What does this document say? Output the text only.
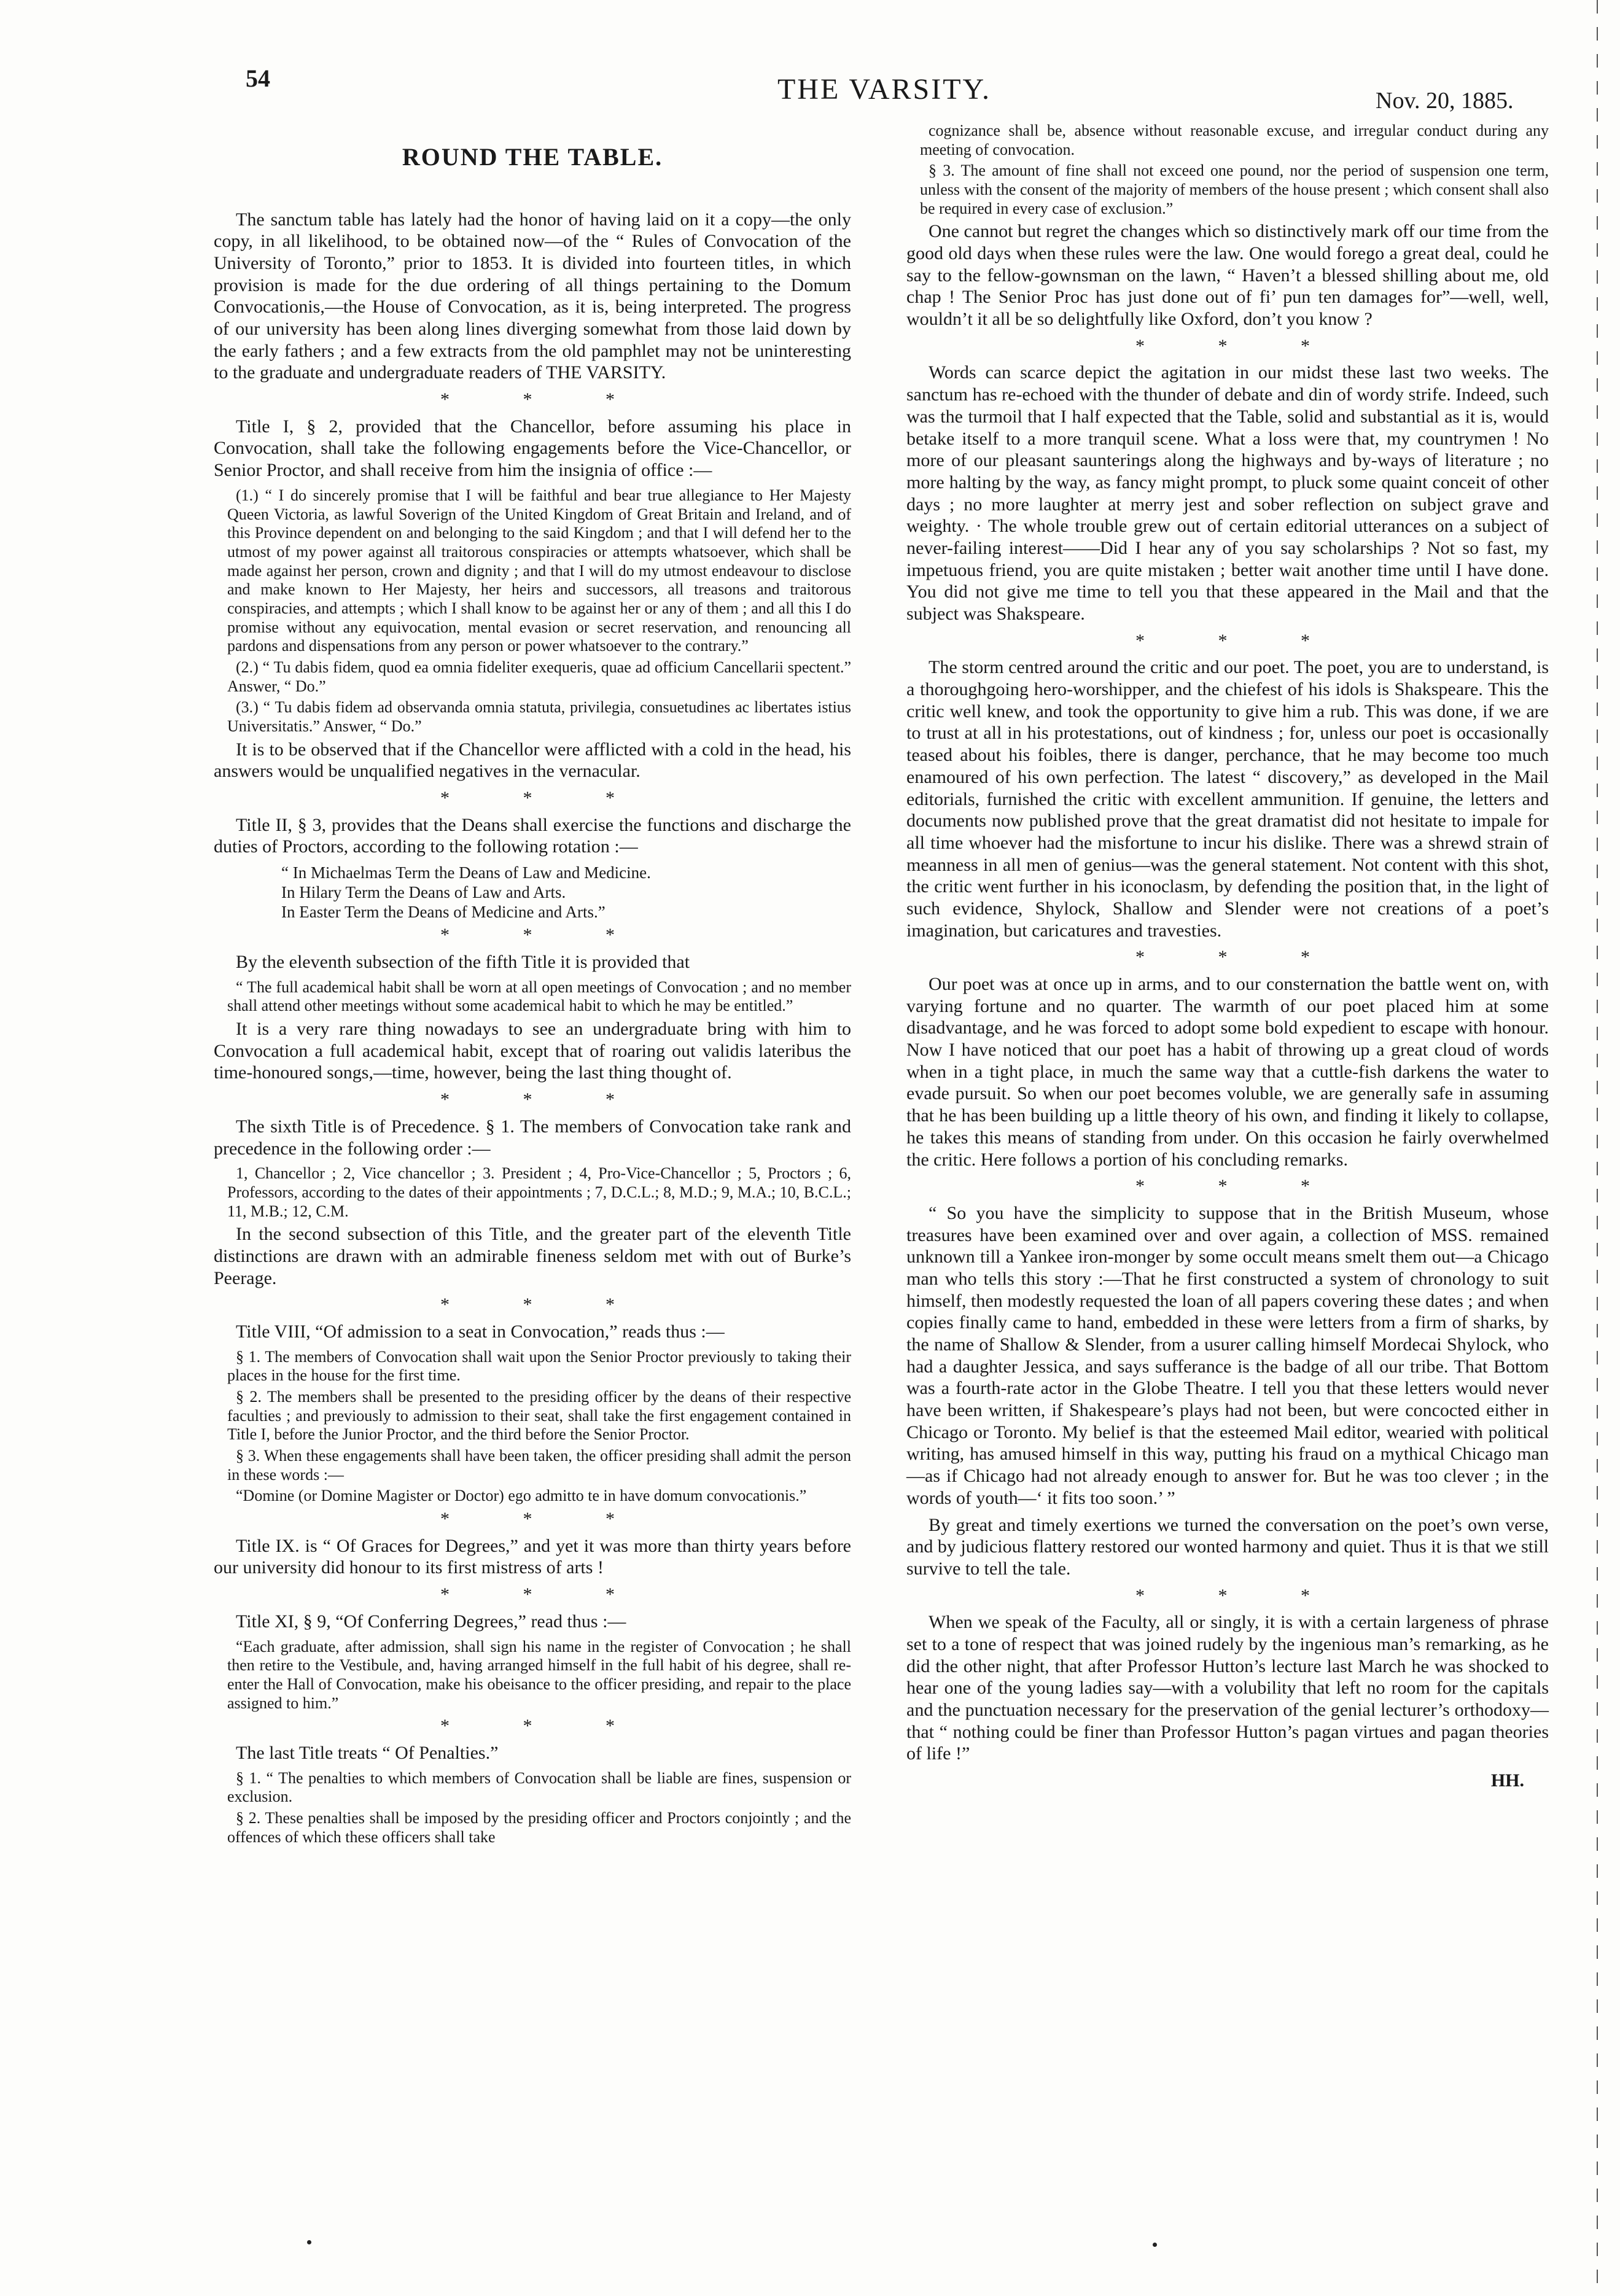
54	THE VARSITY.	Nov. 20, 1885.
ROUND THE TABLE.

The sanctum table has lately had the honor of having laid on it a copy—the only copy, in all likelihood, to be obtained now—of the “ Rules of Convocation of the University of Toronto,” prior to 1853. It is divided into fourteen titles, in which provision is made for the due ordering of all things pertaining to the Domum Convocationis,—the House of Convocation, as it is, being interpreted. The progress of our university has been along lines diverging somewhat from those laid down by the early fathers ; and a few extracts from the old pamphlet may not be uninteresting to the graduate and undergraduate readers of THE VARSITY.

* * *

Title I, § 2, provided that the Chancellor, before assuming his place in Convocation, shall take the following engagements before the Vice-Chancellor, or Senior Proctor, and shall receive from him the insignia of office :—

(1.) “ I do sincerely promise that I will be faithful and bear true allegiance to Her Majesty Queen Victoria, as lawful Soverign of the United Kingdom of Great Britain and Ireland, and of this Province dependent on and belonging to the said Kingdom ; and that I will defend her to the utmost of my power against all traitorous conspiracies or attempts whatsoever, which shall be made against her person, crown and dignity ; and that I will do my utmost endeavour to disclose and make known to Her Majesty, her heirs and successors, all treasons and traitorous conspiracies, and attempts ; which I shall know to be against her or any of them ; and all this I do promise without any equivocation, mental evasion or secret reservation, and renouncing all pardons and dispensations from any person or power whatsoever to the contrary.”

(2.) “ Tu dabis fidem, quod ea omnia fideliter exequeris, quae ad officium Cancellarii spectent.” Answer, “ Do.”

(3.) “ Tu dabis fidem ad observanda omnia statuta, privilegia, consuetudines ac libertates istius Universitatis.” Answer, “ Do.”

It is to be observed that if the Chancellor were afflicted with a cold in the head, his answers would be unqualified negatives in the vernacular.

* * *

Title II, § 3, provides that the Deans shall exercise the functions and discharge the duties of Proctors, according to the following rotation :—

“ In Michaelmas Term the Deans of Law and Medicine.

In Hilary Term the Deans of Law and Arts.

In Easter Term the Deans of Medicine and Arts.”

* * *

By the eleventh subsection of the fifth Title it is provided that

“ The full academical habit shall be worn at all open meetings of Convocation ; and no member shall attend other meetings without some academical habit to which he may be entitled.”

It is a very rare thing nowadays to see an undergraduate bring with him to Convocation a full academical habit, except that of roaring out validis lateribus the time-honoured songs,—time, however, being the last thing thought of.

* * *

The sixth Title is of Precedence. § 1. The members of Convocation take rank and precedence in the following order :—

1, Chancellor ; 2, Vice chancellor ; 3. President ; 4, Pro-Vice-Chancellor ; 5, Proctors ; 6, Professors, according to the dates of their appointments ; 7, D.C.L.; 8, M.D.; 9, M.A.; 10, B.C.L.; 11, M.B.; 12, C.M.

In the second subsection of this Title, and the greater part of the eleventh Title distinctions are drawn with an admirable fineness seldom met with out of Burke’s Peerage.

* * *

Title VIII, “Of admission to a seat in Convocation,” reads thus :—

§ 1. The members of Convocation shall wait upon the Senior Proctor previously to taking their places in the house for the first time.

§ 2. The members shall be presented to the presiding officer by the deans of their respective faculties ; and previously to admission to their seat, shall take the first engagement contained in Title I, before the Junior Proctor, and the third before the Senior Proctor.

§ 3. When these engagements shall have been taken, the officer presiding shall admit the person in these words :—

“Domine (or Domine Magister or Doctor) ego admitto te in have domum convocationis.”

* * *

Title IX. is “ Of Graces for Degrees,” and yet it was more than thirty years before our university did honour to its first mistress of arts !

* * *

Title XI, § 9, “Of Conferring Degrees,” read thus :—

“Each graduate, after admission, shall sign his name in the register of Convocation ; he shall then retire to the Vestibule, and, having arranged himself in the full habit of his degree, shall re-enter the Hall of Convocation, make his obeisance to the officer presiding, and repair to the place assigned to him.”

* * *

The last Title treats “ Of Penalties.”

§ 1. “ The penalties to which members of Convocation shall be liable are fines, suspension or exclusion.

§ 2. These penalties shall be imposed by the presiding officer and Proctors conjointly ; and the offences of which these officers shall take

cognizance shall be, absence without reasonable excuse, and irregular conduct during any meeting of convocation.

§ 3. The amount of fine shall not exceed one pound, nor the period of suspension one term, unless with the consent of the majority of members of the house present ; which consent shall also be required in every case of exclusion.”

One cannot but regret the changes which so distinctively mark off our time from the good old days when these rules were the law. One would forego a great deal, could he say to the fellow-gownsman on the lawn, “ Haven’t a blessed shilling about me, old chap ! The Senior Proc has just done out of fi’ pun ten damages for”—well, well, wouldn’t it all be so delightfully like Oxford, don’t you know ?

* * *

Words can scarce depict the agitation in our midst these last two weeks. The sanctum has re-echoed with the thunder of debate and din of wordy strife. Indeed, such was the turmoil that I half expected that the Table, solid and substantial as it is, would betake itself to a more tranquil scene. What a loss were that, my countrymen ! No more of our pleasant saunterings along the highways and by-ways of literature ; no more halting by the way, as fancy might prompt, to pluck some quaint conceit of other days ; no more laughter at merry jest and sober reflection on subject grave and weighty. · The whole trouble grew out of certain editorial utterances on a subject of never-failing interest——Did I hear any of you say scholarships ? Not so fast, my impetuous friend, you are quite mistaken ; better wait another time until I have done. You did not give me time to tell you that these appeared in the Mail and that the subject was Shakspeare.

* * *

The storm centred around the critic and our poet. The poet, you are to understand, is a thoroughgoing hero-worshipper, and the chiefest of his idols is Shakspeare. This the critic well knew, and took the opportunity to give him a rub. This was done, if we are to trust at all in his protestations, out of kindness ; for, unless our poet is occasionally teased about his foibles, there is danger, perchance, that he may become too much enamoured of his own perfection. The latest “ discovery,” as developed in the Mail editorials, furnished the critic with excellent ammunition. If genuine, the letters and documents now published prove that the great dramatist did not hesitate to impale for all time whoever had the misfortune to incur his dislike. There was a shrewd strain of meanness in all men of genius—was the general statement. Not content with this shot, the critic went further in his iconoclasm, by defending the position that, in the light of such evidence, Shylock, Shallow and Slender were not creations of a poet’s imagination, but caricatures and travesties.

* * *

Our poet was at once up in arms, and to our consternation the battle went on, with varying fortune and no quarter. The warmth of our poet placed him at some disadvantage, and he was forced to adopt some bold expedient to escape with honour. Now I have noticed that our poet has a habit of throwing up a great cloud of words when in a tight place, in much the same way that a cuttle-fish darkens the water to evade pursuit. So when our poet becomes voluble, we are generally safe in assuming that he has been building up a little theory of his own, and finding it likely to collapse, he takes this means of standing from under. On this occasion he fairly overwhelmed the critic. Here follows a portion of his concluding remarks.

* * *

“ So you have the simplicity to suppose that in the British Museum, whose treasures have been examined over and over again, a collection of MSS. remained unknown till a Yankee iron-monger by some occult means smelt them out—a Chicago man who tells this story :—That he first constructed a system of chronology to suit himself, then modestly requested the loan of all papers covering these dates ; and when copies finally came to hand, embedded in these were letters from a firm of sharks, by the name of Shallow & Slender, from a usurer calling himself Mordecai Shylock, who had a daughter Jessica, and says sufferance is the badge of all our tribe. That Bottom was a fourth-rate actor in the Globe Theatre. I tell you that these letters would never have been written, if Shakespeare’s plays had not been, but were concocted either in Chicago or Toronto. My belief is that the esteemed Mail editor, wearied with political writing, has amused himself in this way, putting his fraud on a mythical Chicago man—as if Chicago had not already enough to answer for. But he was too clever ; in the words of youth—‘ it fits too soon.’ ”

By great and timely exertions we turned the conversation on the poet’s own verse, and by judicious flattery restored our wonted harmony and quiet. Thus it is that we still survive to tell the tale.

* * *

When we speak of the Faculty, all or singly, it is with a certain largeness of phrase set to a tone of respect that was joined rudely by the ingenious man’s remarking, as he did the other night, that after Professor Hutton’s lecture last March he was shocked to hear one of the young ladies say—with a volubility that left no room for the capitals and the punctuation necessary for the preservation of the genial lecturer’s orthodoxy—that “ nothing could be finer than Professor Hutton’s pagan virtues and pagan theories of life !”

HH.
